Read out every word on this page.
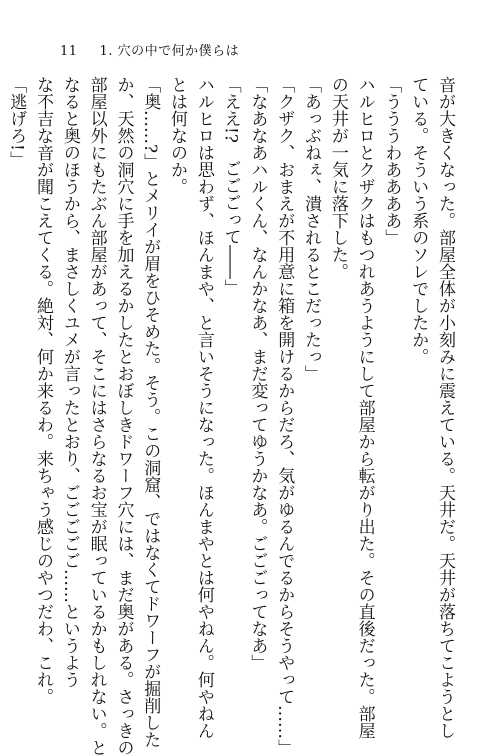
11 1. 穴の中で何か僕らは
音が大きくなった。部屋全体が小刻みに震えている。天井だ。天井が落ちてこようとし
ている。そういう系のソレでしたか。
「うううわああああ」
ハルヒロとクザクはもつれあうようにして部屋から転がり出た。その直後だった。部屋
の天井が一気に落下した。
「あっぶねぇ、潰されるとこだったっ」
「クザク、おまえが不用意に箱を開けるからだろ、気がゆるんでるからそうやって……」
「なあなあハルくん、なんかなあ、まだ変ってゆうかなあ。ごごごってなあ」
「ええ!?　ごごごって――」
ハルヒロは思わず、ほんまや、と言いそうになった。ほんまやとは何やねん。何やねん
とは何なのか。
「奥……?」とメリイが眉をひそめた。そう。この洞窟、ではなくてドワーフが掘削した
か、天然の洞穴に手を加えるかしたとおぼしきドワーフ穴には、まだ奥がある。さっきの
部屋以外にもたぶん部屋があって、そこにはさらなるお宝が眠っているかもしれない。と
なると奥のほうから、まさしくユメが言ったとおり、ごごごごご……というよう
な不吉な音が聞こえてくる。絶対、何か来るわ。来ちゃう感じのやつだわ、これ。
「逃げろ!」
